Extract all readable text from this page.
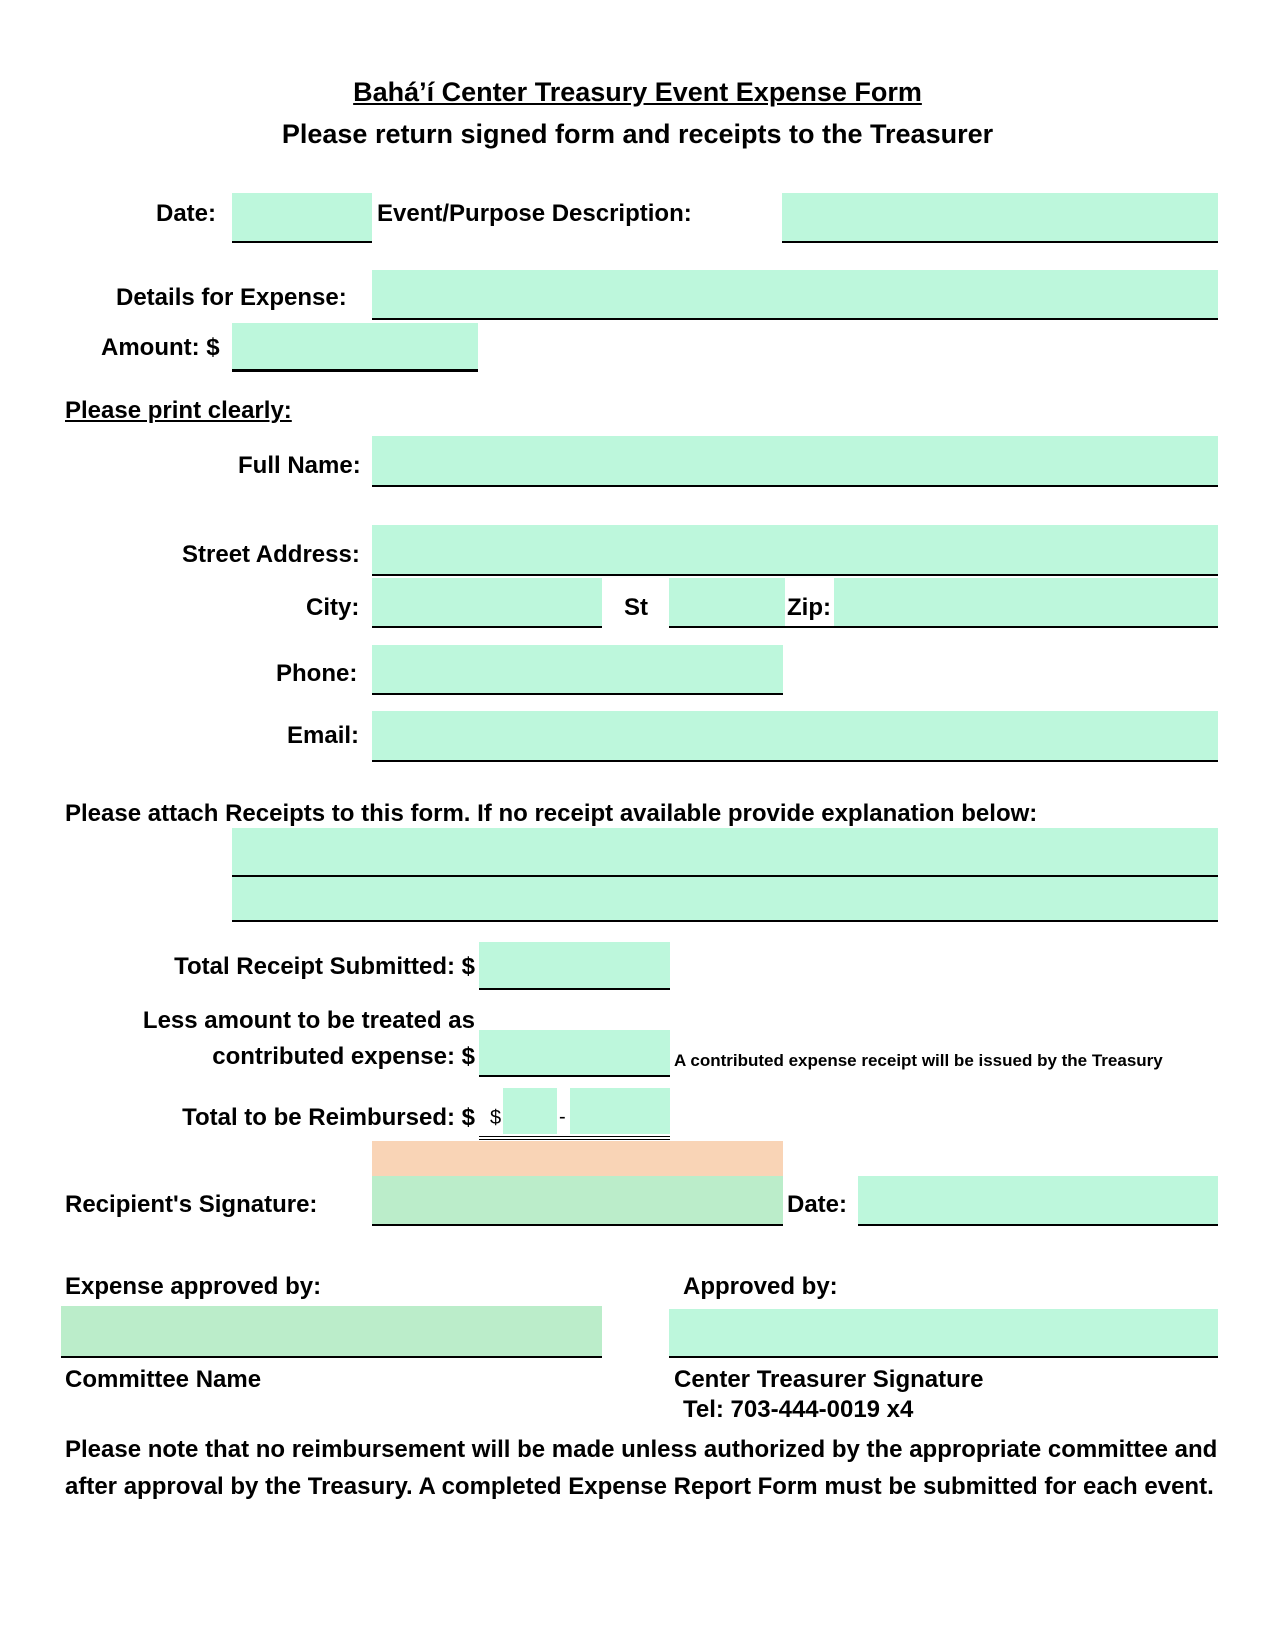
Bahá’í Center Treasury Event Expense Form
Please return signed form and receipts to the Treasurer
Date:	Event/Purpose Description:
Details for Expense:
Amount: $
Please print clearly:
Full Name:
Street Address:
City:	St	Zip:
Phone:
Email:
Please attach Receipts to this form. If no receipt available provide explanation below:
Total Receipt Submitted: $
Less amount to be treated as
contributed expense: $	A contributed expense receipt will be issued by the Treasury
Total to be Reimbursed: $ $	-
Recipient's Signature:	Date:
Expense approved by:	Approved by:
Committee Name	Center Treasurer Signature
Tel: 703-444-0019 x4
Please note that no reimbursement will be made unless authorized by the appropriate committee and after approval by the Treasury. A completed Expense Report Form must be submitted for each event.
